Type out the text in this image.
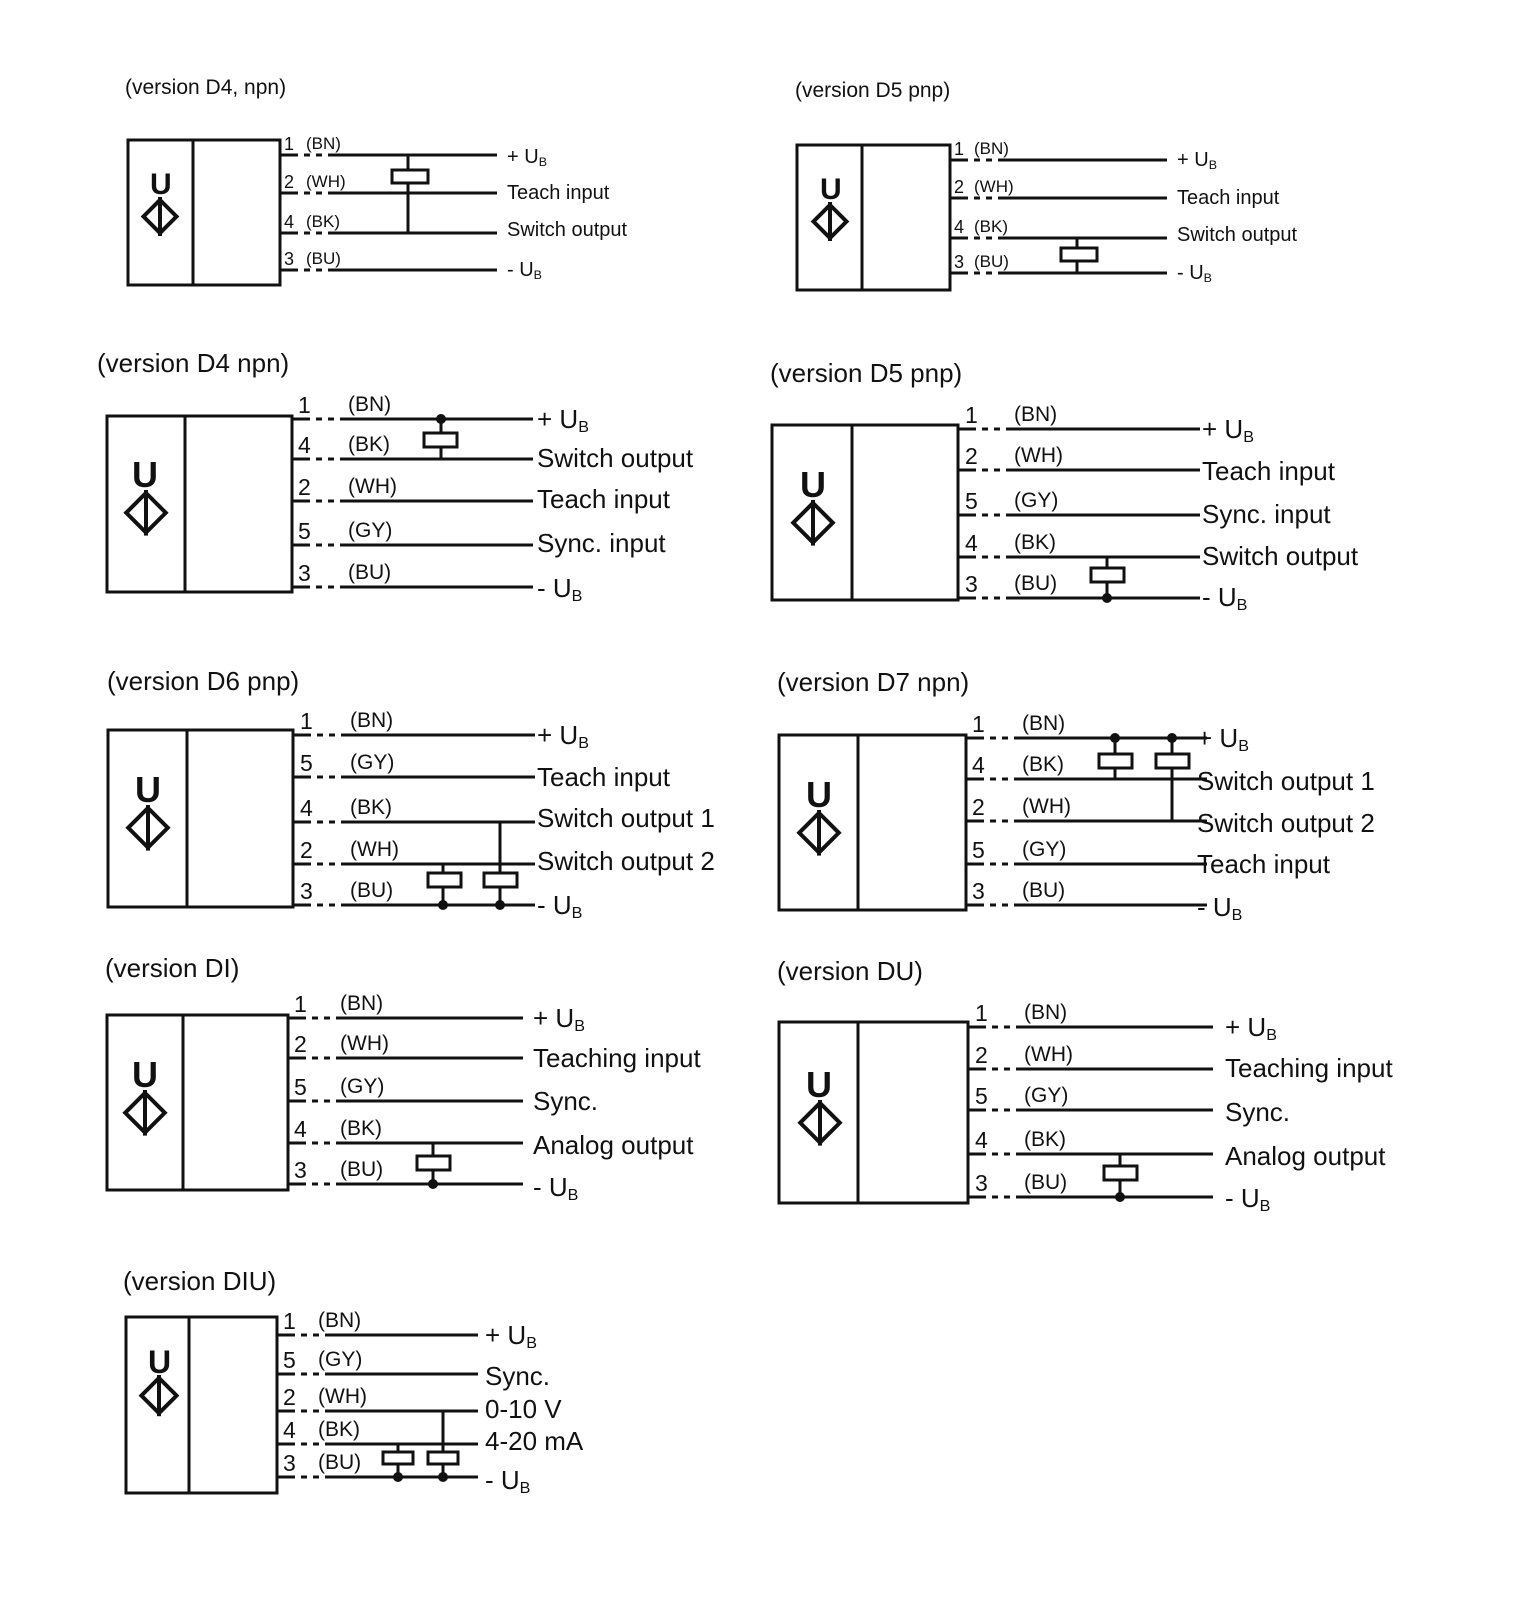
(version D4, npn)
U
1 (BN)
2 (WH)
4 (BK)
3 (BU)
+ $U_B$
Teach input
Switch output
- $U_B$
(version D5 pnp)
U
1 (BN)
2 (WH)
4 (BK)
3 (BU)
+ $U_B$
Teach input
Switch output
- $U_B$
(version D4 npn)
U
1 (BN)
4 (BK)
2 (WH)
5 (GY)
3 (BU)
+ $U_B$
Switch output
Teach input
Sync. input
- $U_B$
(version D5 pnp)
U
1 (BN)
2 (WH)
5 (GY)
4 (BK)
3 (BU)
+ $U_B$
Teach input
Sync. input
Switch output
- $U_B$
(version D6 pnp)
U
1 (BN)
5 (GY)
4 (BK)
2 (WH)
3 (BU)
+ $U_B$
Teach input
Switch output 1
Switch output 2
- $U_B$
(version D7 npn)
U
1 (BN)
4 (BK)
2 (WH)
5 (GY)
3 (BU)
+ $U_B$
Switch output 1
Switch output 2
Teach input
- $U_B$
(version DI)
U
1 (BN)
2 (WH)
5 (GY)
4 (BK)
3 (BU)
+ $U_B$
Teaching input
Sync.
Analog output
- $U_B$
(version DU)
U
1 (BN)
2 (WH)
5 (GY)
4 (BK)
3 (BU)
+ $U_B$
Teaching input
Sync.
Analog output
- $U_B$
(version DIU)
U
1 (BN)
5 (GY)
2 (WH)
4 (BK)
3 (BU)
+ $U_B$
Sync.
0-10 V
4-20 mA
- $U_B$
